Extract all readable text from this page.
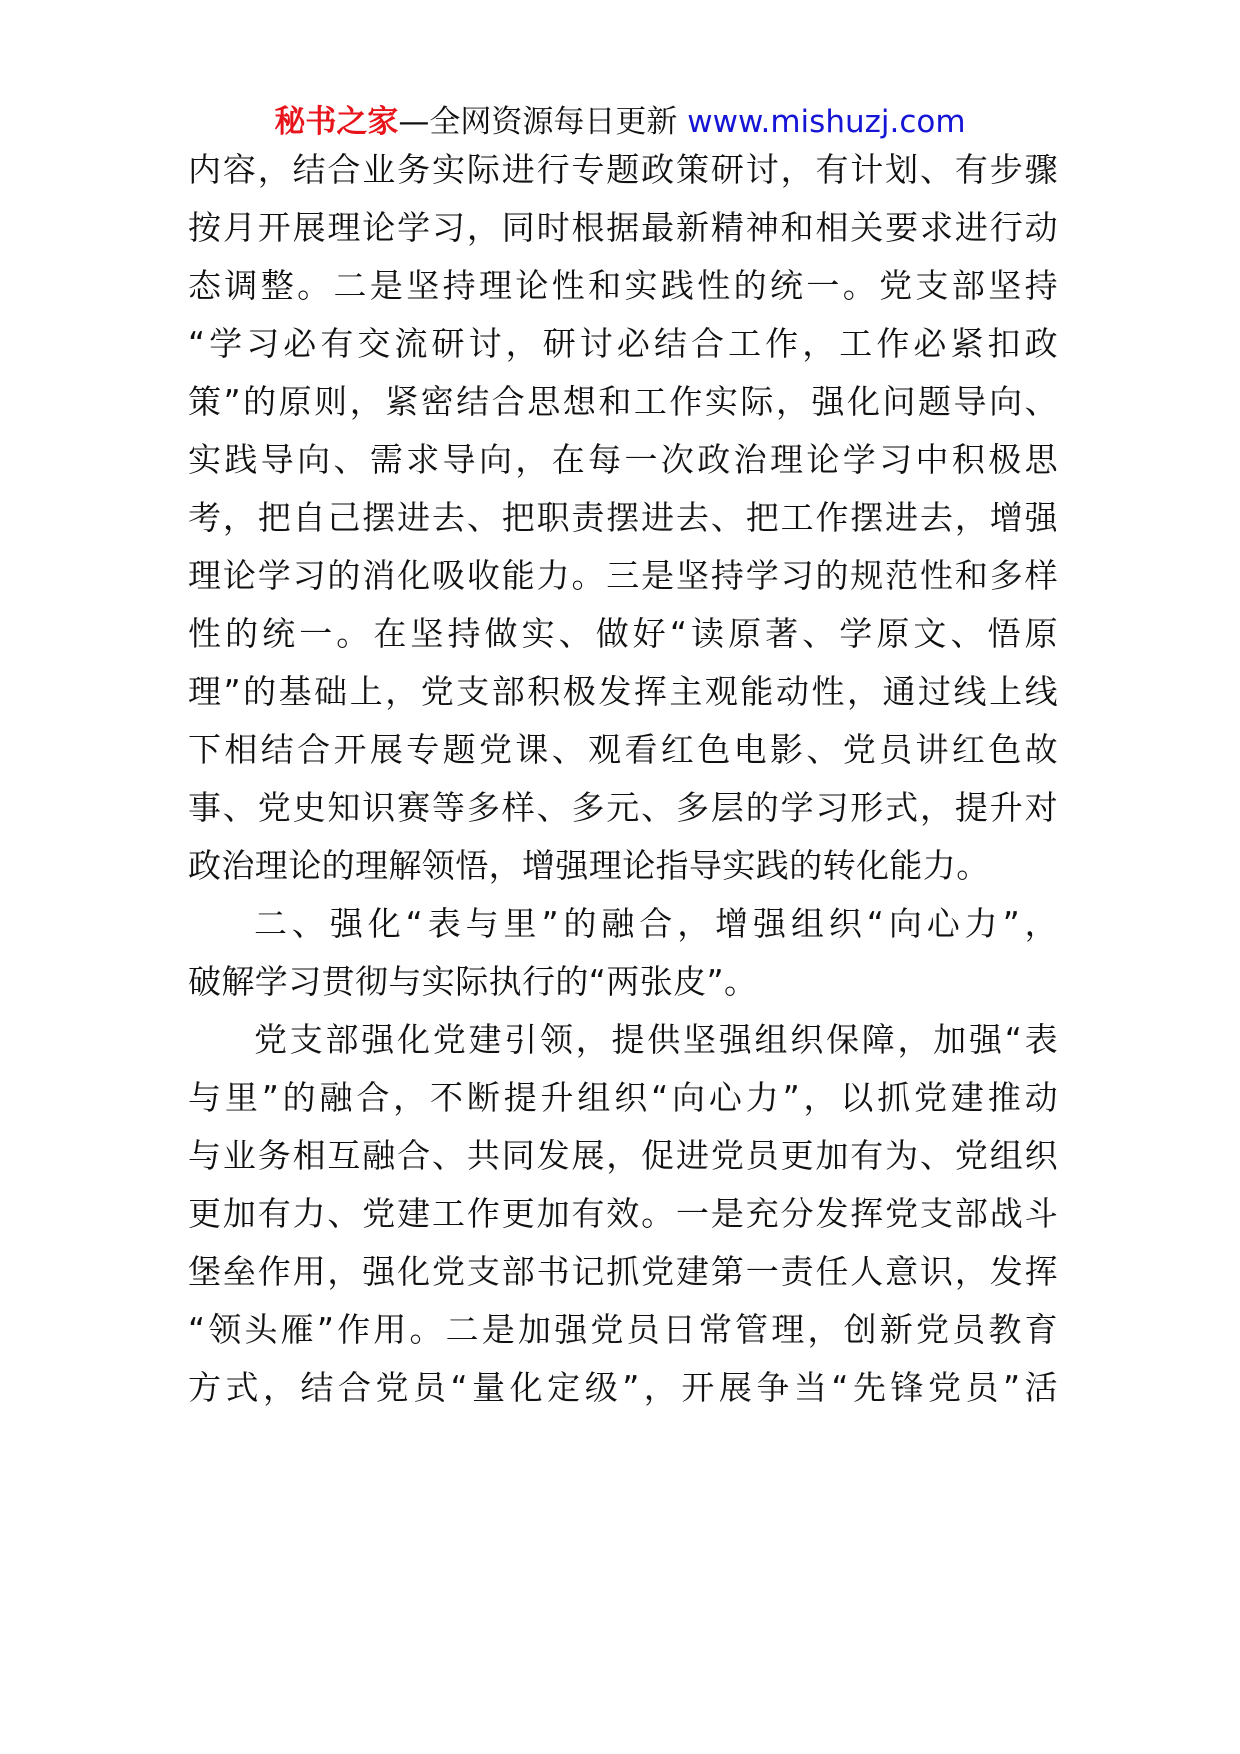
秘书之家—全网资源每日更新 www.mishuzj.com
内容，结合业务实际进行专题政策研讨，有计划、有步骤
按月开展理论学习，同时根据最新精神和相关要求进行动
态调整。二是坚持理论性和实践性的统一。党支部坚持
“学习必有交流研讨，研讨必结合工作，工作必紧扣政
策”的原则，紧密结合思想和工作实际，强化问题导向、
实践导向、需求导向，在每一次政治理论学习中积极思
考，把自己摆进去、把职责摆进去、把工作摆进去，增强
理论学习的消化吸收能力。三是坚持学习的规范性和多样
性的统一。在坚持做实、做好“读原著、学原文、悟原
理”的基础上，党支部积极发挥主观能动性，通过线上线
下相结合开展专题党课、观看红色电影、党员讲红色故
事、党史知识赛等多样、多元、多层的学习形式，提升对
政治理论的理解领悟，增强理论指导实践的转化能力。
二、强化“表与里”的融合，增强组织“向心力”，
破解学习贯彻与实际执行的“两张皮”。
党支部强化党建引领，提供坚强组织保障，加强“表
与里”的融合，不断提升组织“向心力”，以抓党建推动
与业务相互融合、共同发展，促进党员更加有为、党组织
更加有力、党建工作更加有效。一是充分发挥党支部战斗
堡垒作用，强化党支部书记抓党建第一责任人意识，发挥
“领头雁”作用。二是加强党员日常管理，创新党员教育
方式，结合党员“量化定级”，开展争当“先锋党员”活
